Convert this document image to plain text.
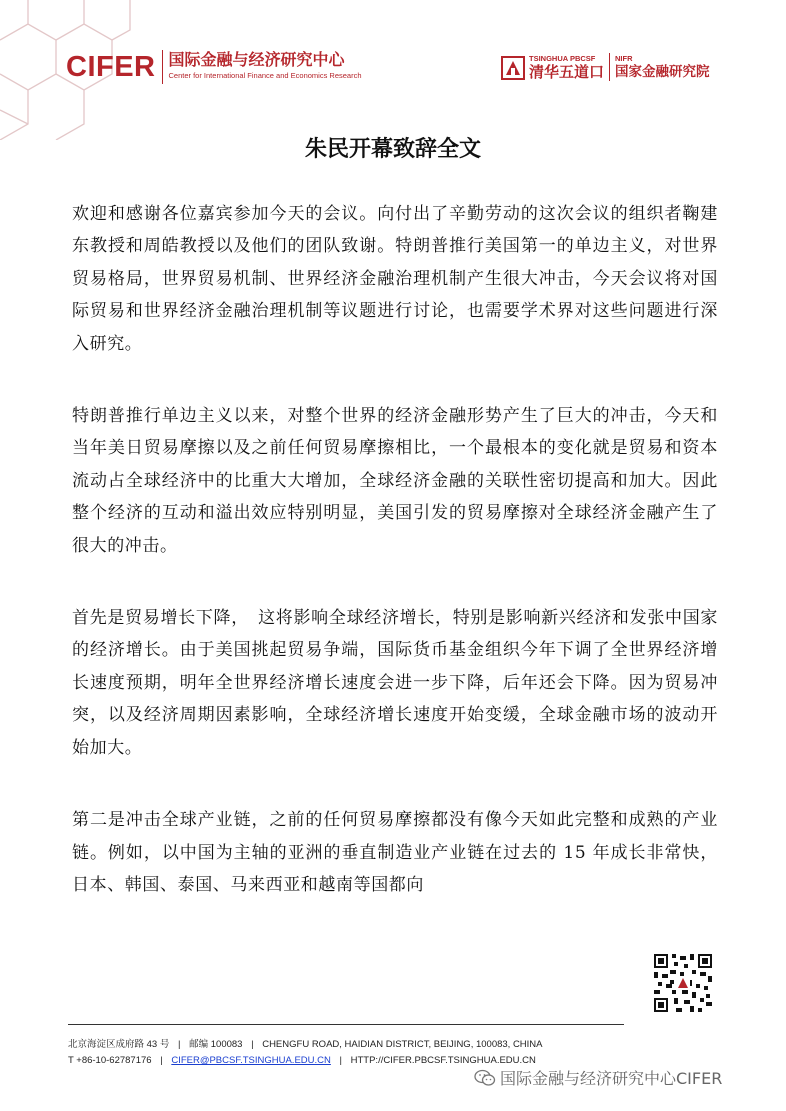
CIFER 国际金融与经济研究中心
Center for International Finance and Economics Research
TSINGHUA PBCSF
清华五道口
NIFR
国家金融研究院
朱民开幕致辞全文

欢迎和感谢各位嘉宾参加今天的会议。向付出了辛勤劳动的这次会议的组织者鞠建东教授和周皓教授以及他们的团队致谢。特朗普推行美国第一的单边主义，对世界贸易格局，世界贸易机制、世界经济金融治理机制产生很大冲击，今天会议将对国际贸易和世界经济金融治理机制等议题进行讨论，也需要学术界对这些问题进行深入研究。

特朗普推行单边主义以来，对整个世界的经济金融形势产生了巨大的冲击，今天和当年美日贸易摩擦以及之前任何贸易摩擦相比，一个最根本的变化就是贸易和资本流动占全球经济中的比重大大增加，全球经济金融的关联性密切提高和加大。因此整个经济的互动和溢出效应特别明显，美国引发的贸易摩擦对全球经济金融产生了很大的冲击。

首先是贸易增长下降，　这将影响全球经济增长，特别是影响新兴经济和发张中国家的经济增长。由于美国挑起贸易争端，国际货币基金组织今年下调了全世界经济增长速度预期，明年全世界经济增长速度会进一步下降，后年还会下降。因为贸易冲突，以及经济周期因素影响，全球经济增长速度开始变缓，全球金融市场的波动开始加大。

第二是冲击全球产业链，之前的任何贸易摩擦都没有像今天如此完整和成熟的产业链。例如，以中国为主轴的亚洲的垂直制造业产业链在过去的 15 年成长非常快，日本、韩国、泰国、马来西亚和越南等国都向

北京海淀区成府路 43 号 | 邮编 100083 | CHENGFU ROAD, HAIDIAN DISTRICT, BEIJING, 100083, CHINA
T +86-10-62787176 | CIFER@PBCSF.TSINGHUA.EDU.CN | HTTP://CIFER.PBCSF.TSINGHUA.EDU.CN
国际金融与经济研究中心CIFER
